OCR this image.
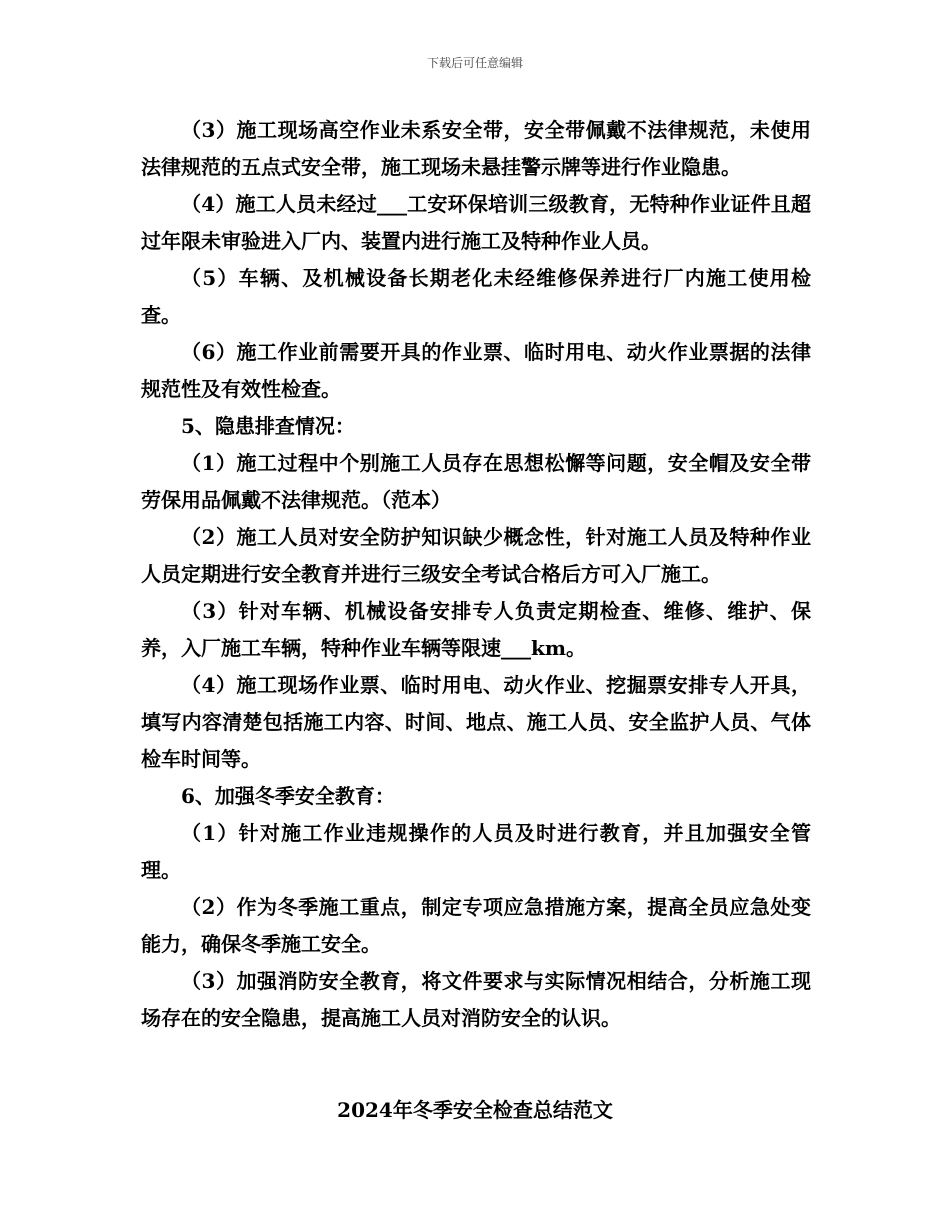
下载后可任意编辑

（3）施工现场高空作业未系安全带，安全带佩戴不法律规范，未使用法律规范的五点式安全带，施工现场未悬挂警示牌等进行作业隐患。

（4）施工人员未经过___工安环保培训三级教育，无特种作业证件且超过年限未审验进入厂内、装置内进行施工及特种作业人员。

（5）车辆、及机械设备长期老化未经维修保养进行厂内施工使用检查。

（6）施工作业前需要开具的作业票、临时用电、动火作业票据的法律规范性及有效性检查。

5、隐患排查情况：

（1）施工过程中个别施工人员存在思想松懈等问题，安全帽及安全带劳保用品佩戴不法律规范。（范本）

（2）施工人员对安全防护知识缺少概念性，针对施工人员及特种作业人员定期进行安全教育并进行三级安全考试合格后方可入厂施工。

（3）针对车辆、机械设备安排专人负责定期检查、维修、维护、保养，入厂施工车辆，特种作业车辆等限速___km。

（4）施工现场作业票、临时用电、动火作业、挖掘票安排专人开具，填写内容清楚包括施工内容、时间、地点、施工人员、安全监护人员、气体检车时间等。

6、加强冬季安全教育：

（1）针对施工作业违规操作的人员及时进行教育，并且加强安全管理。

（2）作为冬季施工重点，制定专项应急措施方案，提高全员应急处变能力，确保冬季施工安全。

（3）加强消防安全教育，将文件要求与实际情况相结合，分析施工现场存在的安全隐患，提高施工人员对消防安全的认识。

2024年冬季安全检查总结范文
